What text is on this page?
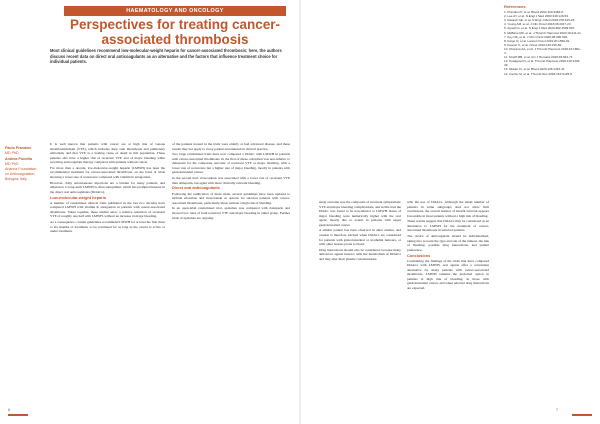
HAEMATOLOGY AND ONCOLOGY
Perspectives for treating cancer-associated thrombosis
Most clinical guidelines recommend low-molecular-weight heparin for cancer-associated thrombosis; here, the authors discuss recent data on direct oral anticoagulants as an alternative and the factors that influence treatment choice for individual patients.
Paolo Prandoni
MD PhD
Andrea Piovella
MD PhD
Arianna Foundation on Anticoagulation, Bologna, Italy

It is well known that patients with cancer are at high risk of venous thromboembolism (VTE), which includes deep vein thrombosis and pulmonary embolism, and that VTE is a leading cause of death in this population. These patients also have a higher risk of recurrent VTE and of major bleeding while receiving anticoagulant therapy compared with patients without cancer.

For more than a decade, low-molecular-weight heparin (LMWH) has been the recommended treatment for cancer-associated thrombosis, on the basis of trials showing a lower rate of recurrence compared with vitamin K antagonists.

However, daily subcutaneous injections are a burden for many patients, and adherence to long-term LMWH is often suboptimal, which has prompted interest in the direct oral anticoagulants (DOACs).

Low-molecular-weight heparin

A number of randomised clinical trials published in the last two decades have compared LMWH with vitamin K antagonists in patients with cancer-associated thrombosis. Taken together, these studies show a relative reduction of recurrent VTE of roughly one half with LMWH, without an increase in major bleeding.

As a consequence, current guidelines recommend LMWH for at least the first three to six months of treatment, to be continued for as long as the cancer is active or under treatment.

of the patients treated in the trials were elderly or had advanced disease, and these results may not apply to every patient encountered in clinical practice.

Two large randomised trials have now compared a DOAC with LMWH in patients with cancer-associated thrombosis. In the first of these, edoxaban was non-inferior to dalteparin for the composite outcome of recurrent VTE or major bleeding, with a lower rate of recurrence but a higher rate of major bleeding, mostly in patients with gastrointestinal cancer.

In the second trial, rivaroxaban was associated with a lower rate of recurrent VTE than dalteparin, but again with more clinically relevant bleeding.

Direct oral anticoagulants

Following the publication of these trials, several guidelines have been updated to include edoxaban and rivaroxaban as options for selected patients with cancer-associated thrombosis, particularly those without a high risk of bleeding.

In an open-label randomised trial, apixaban was compared with dalteparin and showed low rates of both recurrent VTE and major bleeding in either group. Further trials of apixaban are ongoing.

study outcome was the composite of recurrent symptomatic VTE and major bleeding complications, and in this trial the DOAC was found to be non-inferior to LMWH. Rates of major bleeding were numerically higher with the oral agent, mostly due to events in patients with upper gastrointestinal cancer.

A similar pattern has been observed in other studies, and caution is therefore advised when DOACs are considered for patients with gastrointestinal or urothelial tumours, or with other lesions prone to bleed.

Drug interactions should also be considered, because many anticancer agents interact with the metabolism of DOACs and may alter their plasma concentrations.

with the use of DOACs. Although the small number of patients in some subgroups does not allow firm conclusions, the overall balance of benefit and risk appears favourable in most patients without a high risk of bleeding.

These results suggest that DOACs may be considered as an alternative to LMWH for the treatment of cancer-associated thrombosis in selected patients.

The choice of anticoagulant should be individualised, taking into account the type and site of the tumour, the risk of bleeding, possible drug interactions, and patient preference.

Conclusions

Considering the findings of the trials that have compared DOACs with LMWH, oral agents offer a convenient alternative for many patients with cancer-associated thrombosis. LMWH remains the preferred option in patients at high risk of bleeding, in those with gastrointestinal cancer, and when relevant drug interactions are expected.

References

1. Prandoni P, et al. Blood 2002;100:3484-8.

2. Lee AY, et al. N Engl J Med 2003;349:146-53.

3. Raskob GE, et al. N Engl J Med 2018;378:615-24.

4. Young AM, et al. J Clin Oncol 2018;36:2017-23.

5. Agnelli G, et al. N Engl J Med 2020;382:1599-607.

6. McBane RD, et al. J Thromb Haemost 2020;18:411-21.

7. Key NS, et al. J Clin Oncol 2020;38:496-520.

8. Farge D, et al. Lancet Oncol 2019;20:e566-81.

9. Kearon C, et al. Chest 2016;149:315-52.

10. Khorana AA, et al. J Thromb Haemost 2018;16:1891-4.

11. Streiff MB, et al. Am J Hematol 2018;93:664-71.

12. Kraaijpoel N, et al. Thromb Haemost 2018;118:1439-49.

13. Mulder FI, et al. Blood 2020;136:1433-41.

14. Carrier M, et al. Thromb Res 2018;164:S125-8.

6	7
